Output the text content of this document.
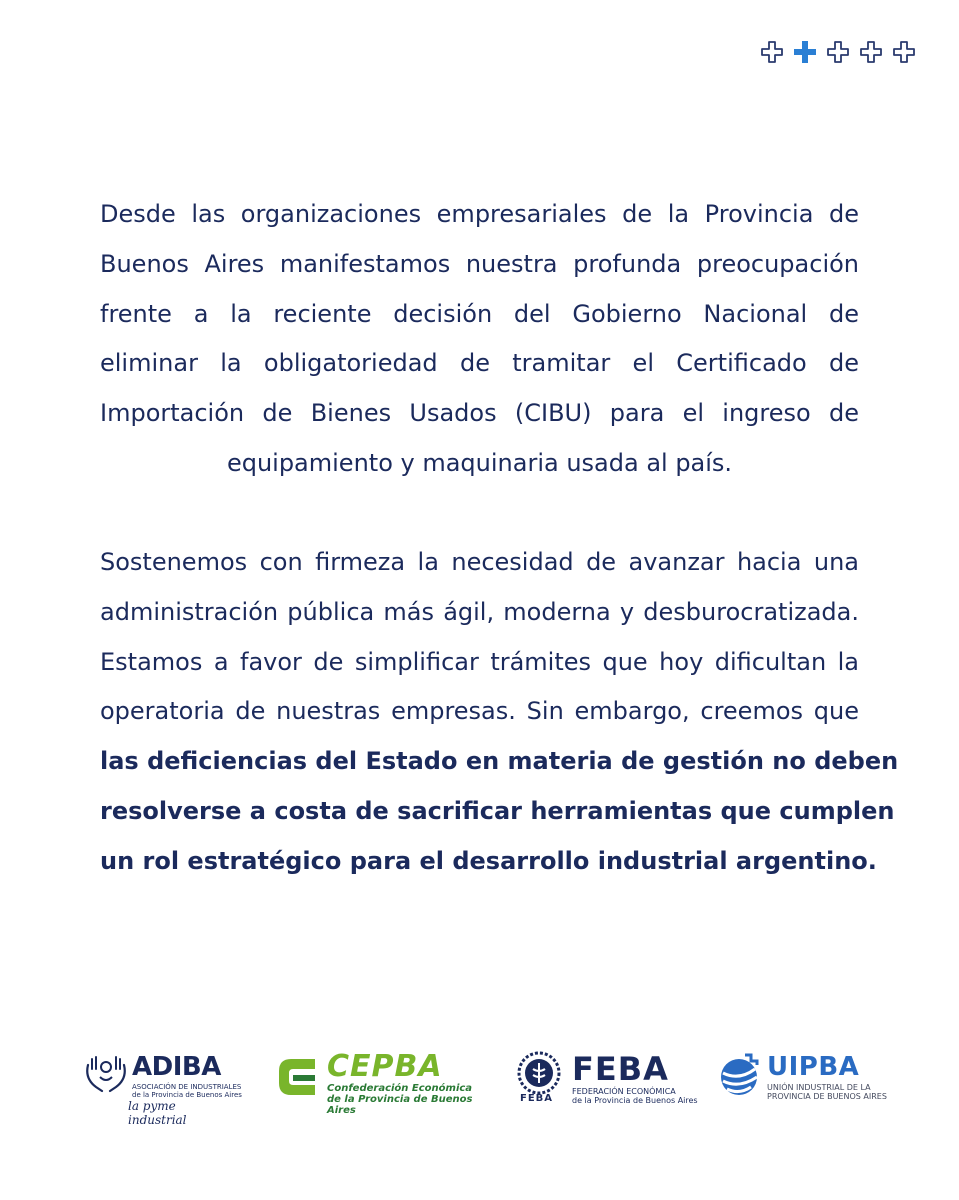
Desde las organizaciones empresariales de la Provincia de
Buenos Aires manifestamos nuestra profunda preocupación
frente a la reciente decisión del Gobierno Nacional de
eliminar la obligatoriedad de tramitar el Certificado de
Importación de Bienes Usados (CIBU) para el ingreso de
equipamiento y maquinaria usada al país.
Sostenemos con firmeza la necesidad de avanzar hacia una
administración pública más ágil, moderna y desburocratizada.
Estamos a favor de simplificar trámites que hoy dificultan la
operatoria de nuestras empresas. Sin embargo, creemos que
las deficiencias del Estado en materia de gestión no deben
resolverse a costa de sacrificar herramientas que cumplen
un rol estratégico para el desarrollo industrial argentino.
ADIBA
ASOCIACIÓN DE INDUSTRIALES de la Provincia de Buenos Aires
la pyme industrial
CEPBA
Confederación Económica
de la Provincia de Buenos Aires
FEBA
FEBA
FEDERACIÓN ECONÓMICA
de la Provincia de Buenos Aires
UIPBA
UNIÓN INDUSTRIAL DE LA
PROVINCIA DE BUENOS AIRES
